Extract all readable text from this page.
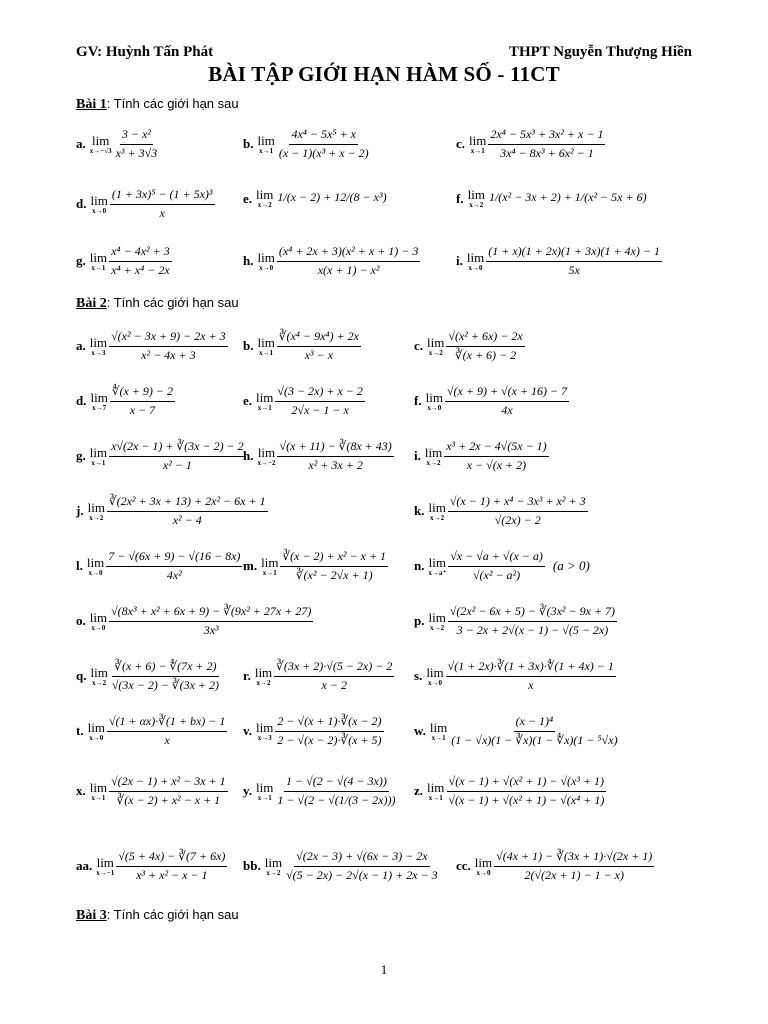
GV: Huỳnh Tấn Phát	THPT Nguyễn Thượng Hiền
BÀI TẬP GIỚI HẠN HÀM SỐ - 11CT
Bài 1: Tính các giới hạn sau
Bài 2: Tính các giới hạn sau
Bài 3: Tính các giới hạn sau
a. lim
$x\to-√3 \frac{\text{3 − x²}}{\text{x³ + 3√3}}$	b. lim
$x\to 1 \frac{\text{4x⁴ − 5x⁵ + x}}{\text{(x − 1)(x³ + x − 2)}}$	c. lim
$x\to 1 \frac{\text{2x⁴ − 5x³ + 3x² + x − 1}}{\text{3x⁴ − 8x³ + 6x² − 1}}$
d. lim
$x\to 0 \frac{\text{(1 + 3x)⁵ − (1 + 5x)³}}{x} e$. lim
x→2
1/(x − 2) + 12/(8 − x³)	f. lim
x→2
1/(x² − 3x + 2) + 1/(x² − 5x + 6)
g. lim
$x\to 1 \frac{\text{x⁴ − 4x² + 3}}{\text{x⁴ + x⁴ − 2x}}$	h. lim
$x\to 0 \frac{\text{(x⁴ + 2x + 3)(x² + x + 1) − 3}}{\text{x(x + 1) − x²}}$	i. lim
$x\to 0 \frac{(1 + x)(1 + 2x)(1 + 3x)(1 + 4x) - 1}{5x}$
a. lim
$x\to 3 \frac{\text{√(x² − 3x + 9) − 2x + 3}}{\text{x² − 4x + 3}} b$. lim
$x\to 1 \frac{\text{∛(x⁴ − 9x⁴) + 2x}}{\text{x³ − x}}$	c. lim
$x\to 2 \frac{\text{√(x² + 6x) − 2x}}{∛(x + 6) - 2}$
d. lim
$x\to 7 \frac{∜(x + 9) - 2}{x - 7}$	e. lim
$x\to 1 \frac{√(3 - 2x) + x - 2}{2√x - 1 - x}$	f. lim
$x\to 0 \frac{√(x + 9) + √(x + 16) - 7}{4x}$
g. lim
$x\to 1 \frac{x√(2x - 1) + ∛(3x - 2) - 2}{\text{x² − 1}}$
h. lim
$x\to-2 \frac{√(x + 11) - ∛(8x + 43)}{\text{x² + 3x + 2}} i$. lim
$x\to 2 \frac{\text{x³ + 2x − 4√(5x − 1)}}{x - √(x + 2)}$
j. lim
$x\to 2 \frac{\text{∛(2x² + 3x + 13) + 2x² − 6x + 1}}{\text{x² − 4}}$	k. lim
$x\to 2 \frac{\text{√(x − 1) + x⁴ − 3x³ + x² + 3}}{√(2x) - 2}$
l. lim
$x\to 0 \frac{7 - √(6x + 9) - √(16 - 8x)}{\text{4x²}} m$. lim
$x\to 1 \frac{\text{∛(x − 2) + x² − x + 1}}{\text{∛(x² − 2√x + 1)}} n$. lim
$x\to a^+ \frac{√x - √a + √(x - a)}{\text{√(x² − a²)}} (a > 0)$
o. lim
$x\to 0 \frac{\text{√(8x³ + x² + 6x + 9) − ∛(9x² + 27x + 27)}}{\text{3x³}}$	p. lim
$x\to 2 \frac{\text{√(2x² − 6x + 5) − ∛(3x² − 9x + 7)}}{3 - 2x + 2√(x - 1) - √(5 - 2x)}$
q. lim
$x\to 2 \frac{∛(x + 6) - ∜(7x + 2)}{√(3x - 2) - ∛(3x + 2)} r$. lim
$x\to 2 \frac{∛(3x + 2)\cdot√(5 - 2x) - 2}{x - 2} s$. lim
$x\to 0 \frac{√(1 + 2x)\cdot∛(1 + 3x)\cdot∜(1 + 4x) - 1}{x}$
t. lim
$x\to 0 \frac{√(1 + \alpha x)\cdot∛(1 + bx) - 1}{x} v$. lim
$x\to 3 \frac{2 - √(x + 1)\cdot∛(x - 2)}{2 - √(x - 2)\cdot∛(x + 5)} w$. lim
$x\to 1 \frac{\text{(x − 1)⁴}}{\text{(1 − √x)(1 − ∛x)(1 − ∜x)(1 − ⁵√x)}}$
x. lim
$x\to 1 \frac{\text{√(2x − 1) + x² − 3x + 1}}{\text{∛(x − 2) + x² − x + 1}} y$. lim
$x\to 1 \frac{1 - √(2 - √(4 - 3x))}{1 - √(2 - √(1/(3 - 2x)))} z$. lim
$x\to 1 \frac{\text{√(x − 1) + √(x² + 1) − √(x³ + 1)}}{\text{√(x − 1) + √(x² + 1) − √(x⁴ + 1)}}$
aa. lim
$x\to-1 \frac{√(5 + 4x) - ∛(7 + 6x)}{\text{x³ + x² − x − 1}}$ bb. lim
$x\to 2 \frac{√(2x - 3) + √(6x - 3) - 2x}{√(5 - 2x) - 2√(x - 1) + 2x - 3}$ cc. lim
$x\to 0 \frac{√(4x + 1) - ∛(3x + 1)\cdot√(2x + 1)}{2(√(2x + 1) - 1 - x)}$
1
